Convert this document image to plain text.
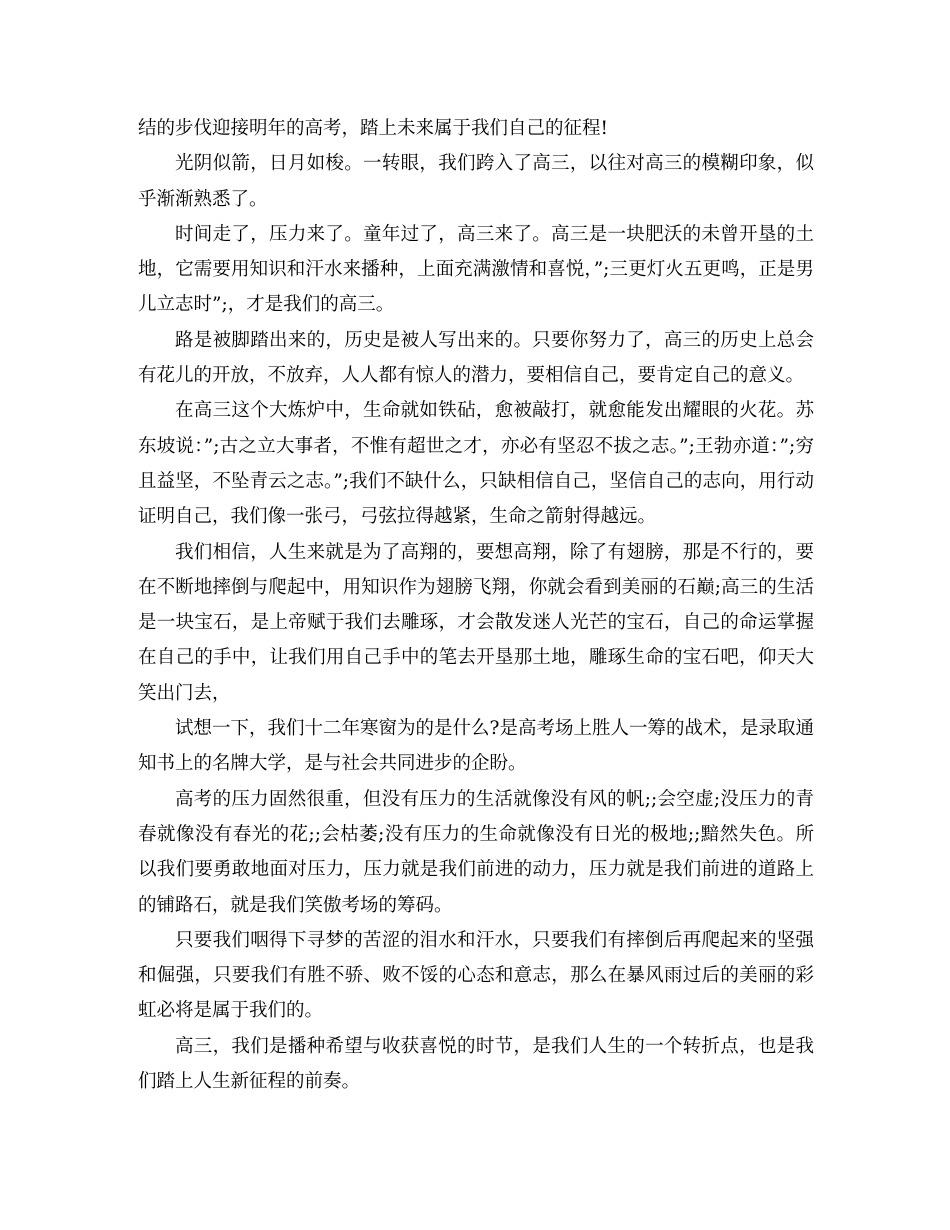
结的步伐迎接明年的高考，踏上未来属于我们自己的征程!

光阴似箭，日月如梭。一转眼，我们跨入了高三，以往对高三的模糊印象，似乎渐渐熟悉了。

时间走了，压力来了。童年过了，高三来了。高三是一块肥沃的未曾开垦的土地，它需要用知识和汗水来播种，上面充满激情和喜悦，”;三更灯火五更鸣，正是男儿立志时”;，才是我们的高三。

路是被脚踏出来的，历史是被人写出来的。只要你努力了，高三的历史上总会有花儿的开放，不放弃，人人都有惊人的潜力，要相信自己，要肯定自己的意义。

在高三这个大炼炉中，生命就如铁砧，愈被敲打，就愈能发出耀眼的火花。苏东坡说：”;古之立大事者，不惟有超世之才，亦必有坚忍不拔之志。”;王勃亦道：”;穷且益坚，不坠青云之志。”;我们不缺什么，只缺相信自己，坚信自己的志向，用行动证明自己，我们像一张弓，弓弦拉得越紧，生命之箭射得越远。

我们相信，人生来就是为了高翔的，要想高翔，除了有翅膀，那是不行的，要在不断地摔倒与爬起中，用知识作为翅膀飞翔，你就会看到美丽的石巅;高三的生活是一块宝石，是上帝赋于我们去雕琢，才会散发迷人光芒的宝石，自己的命运掌握在自己的手中，让我们用自己手中的笔去开垦那土地，雕琢生命的宝石吧，仰天大笑出门去，

试想一下，我们十二年寒窗为的是什么?是高考场上胜人一筹的战术，是录取通知书上的名牌大学，是与社会共同进步的企盼。

高考的压力固然很重，但没有压力的生活就像没有风的帆;;会空虚;没压力的青春就像没有春光的花;;会枯萎;没有压力的生命就像没有日光的极地;;黯然失色。所以我们要勇敢地面对压力，压力就是我们前进的动力，压力就是我们前进的道路上的铺路石，就是我们笑傲考场的筹码。

只要我们咽得下寻梦的苦涩的泪水和汗水，只要我们有摔倒后再爬起来的坚强和倔强，只要我们有胜不骄、败不馁的心态和意志，那么在暴风雨过后的美丽的彩虹必将是属于我们的。

高三，我们是播种希望与收获喜悦的时节，是我们人生的一个转折点，也是我们踏上人生新征程的前奏。
